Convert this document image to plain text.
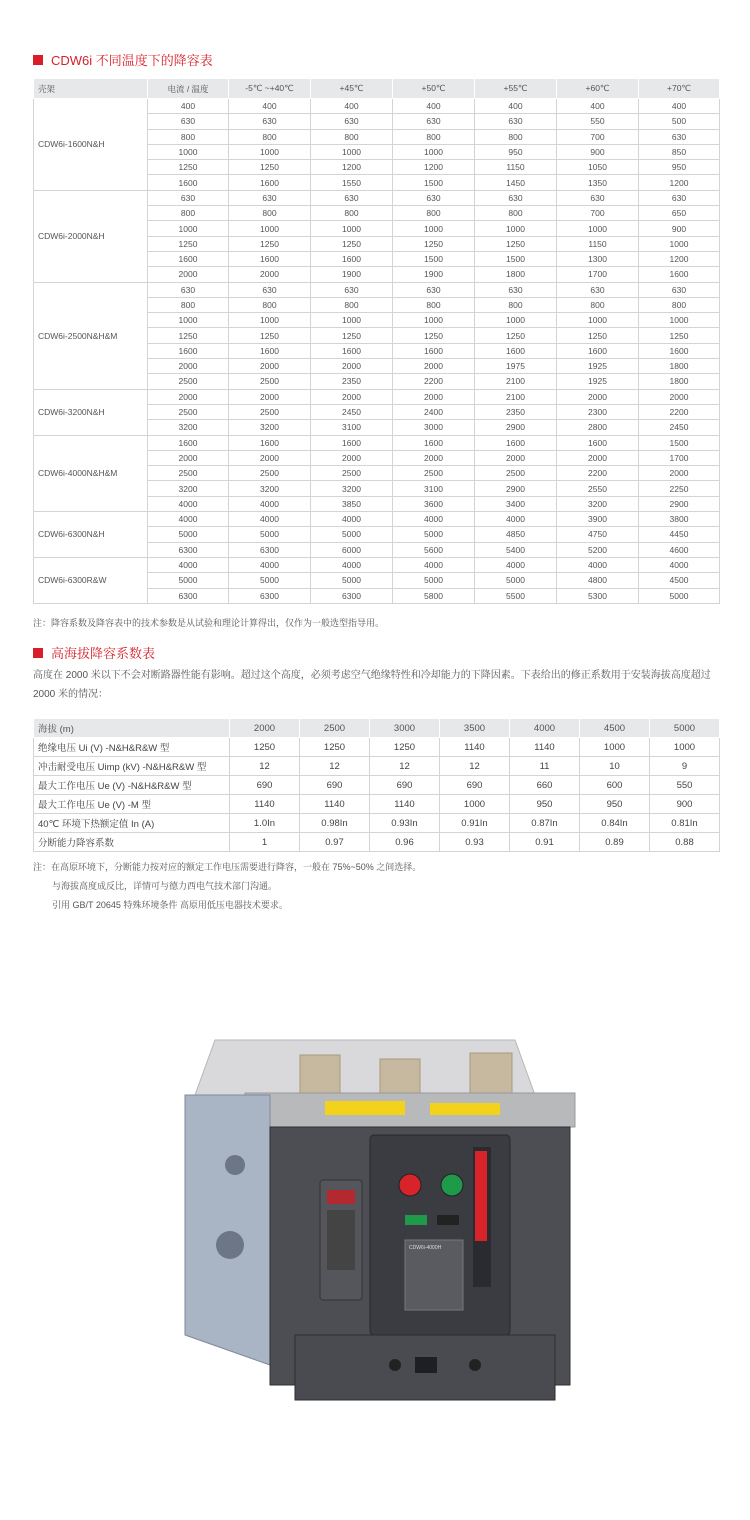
CDW6i 不同温度下的降容表
壳架	电流 / 温度	-5℃ ~+40℃	+45℃	+50℃	+55℃	+60℃	+70℃
CDW6i-1600N&H	400	400	400	400	400	400	400
	630	630	630	630	630	550	500
	800	800	800	800	800	700	630
	1000	1000	1000	1000	950	900	850
	1250	1250	1200	1200	1150	1050	950
	1600	1600	1550	1500	1450	1350	1200
CDW6i-2000N&H	630	630	630	630	630	630	630
	800	800	800	800	800	700	650
	1000	1000	1000	1000	1000	1000	900
	1250	1250	1250	1250	1250	1150	1000
	1600	1600	1600	1500	1500	1300	1200
	2000	2000	1900	1900	1800	1700	1600
CDW6i-2500N&H&M	630	630	630	630	630	630	630
	800	800	800	800	800	800	800
	1000	1000	1000	1000	1000	1000	1000
	1250	1250	1250	1250	1250	1250	1250
	1600	1600	1600	1600	1600	1600	1600
	2000	2000	2000	2000	1975	1925	1800
	2500	2500	2350	2200	2100	1925	1800
CDW6i-3200N&H	2000	2000	2000	2000	2100	2000	2000
	2500	2500	2450	2400	2350	2300	2200
	3200	3200	3100	3000	2900	2800	2450
CDW6i-4000N&H&M	1600	1600	1600	1600	1600	1600	1500
	2000	2000	2000	2000	2000	2000	1700
	2500	2500	2500	2500	2500	2200	2000
	3200	3200	3200	3100	2900	2550	2250
	4000	4000	3850	3600	3400	3200	2900
CDW6i-6300N&H	4000	4000	4000	4000	4000	3900	3800
	5000	5000	5000	5000	4850	4750	4450
	6300	6300	6000	5600	5400	5200	4600
CDW6i-6300R&W	4000	4000	4000	4000	4000	4000	4000
	5000	5000	5000	5000	5000	4800	4500
	6300	6300	6300	5800	5500	5300	5000
注：降容系数及降容表中的技术参数是从试验和理论计算得出，仅作为一般选型指导用。
高海拔降容系数表
高度在 2000 米以下不会对断路器性能有影响。超过这个高度，必须考虑空气绝缘特性和冷却能力的下降因素。下表给出的修正系数用于安装海拔高度超过 2000 米的情况：
海拔 (m)	2000	2500	3000	3500	4000	4500	5000
绝缘电压 Ui (V) -N&H&R&W 型	1250	1250	1250	1140	1140	1000	1000
冲击耐受电压 Uimp (kV) -N&H&R&W 型	12	12	12	12	11	10	9
最大工作电压 Ue (V) -N&H&R&W 型	690	690	690	690	660	600	550
最大工作电压 Ue (V) -M 型	1140	1140	1140	1000	950	950	900
40℃ 环境下热额定值 In (A)	1.0In	0.98In	0.93In	0.91In	0.87In	0.84In	0.81In
分断能力降容系数	1	0.97	0.96	0.93	0.91	0.89	0.88
注：在高原环境下，分断能力按对应的额定工作电压需要进行降容，一般在 75%~50% 之间选择。
与海拔高度成反比，详情可与德力西电气技术部门沟通。
引用 GB/T 20645 特殊环境条件 高原用低压电器技术要求。
CDW6i-4000H
